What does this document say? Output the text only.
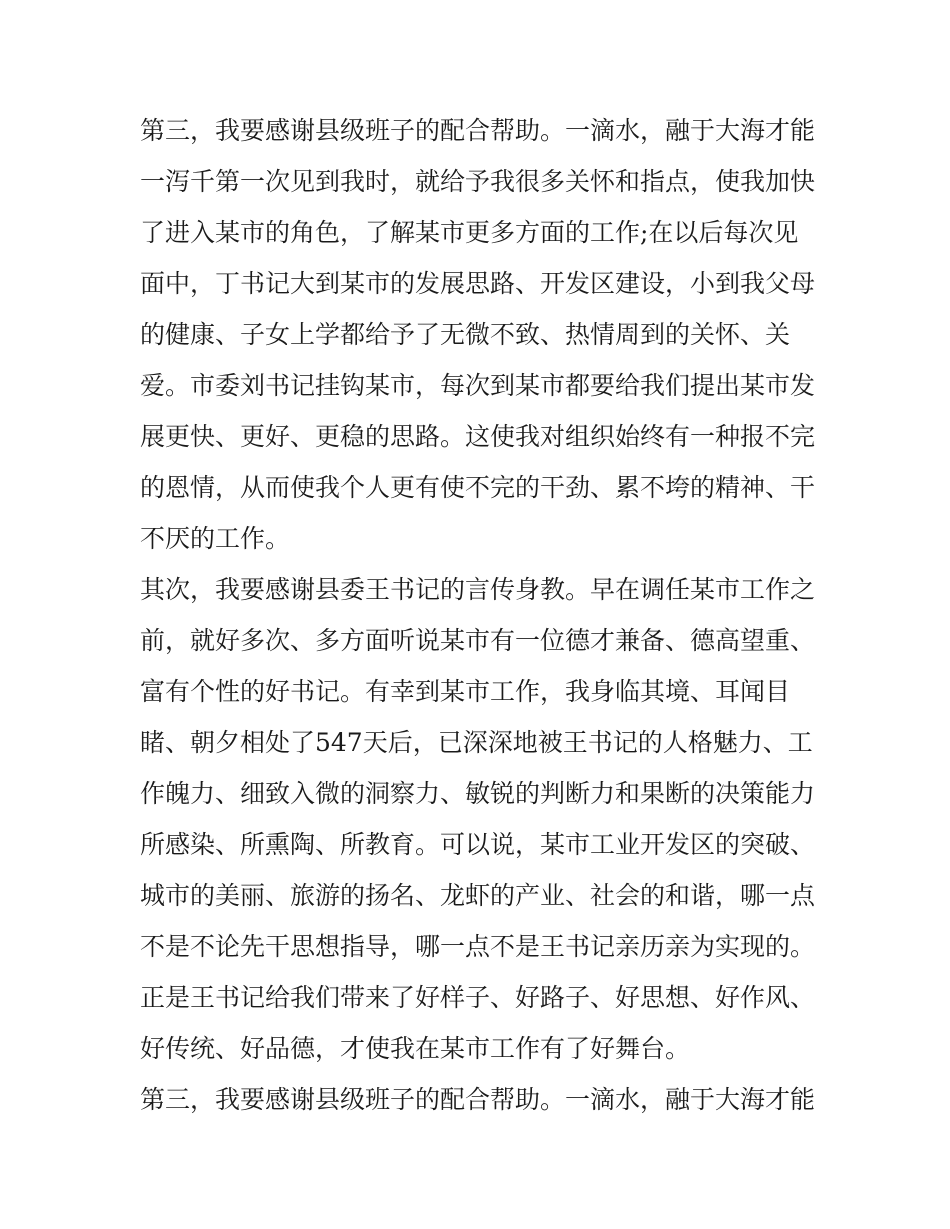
第三，我要感谢县级班子的配合帮助。一滴水，融于大海才能
一泻千第一次见到我时，就给予我很多关怀和指点，使我加快
了进入某市的角色，了解某市更多方面的工作;在以后每次见
面中，丁书记大到某市的发展思路、开发区建设，小到我父母
的健康、子女上学都给予了无微不致、热情周到的关怀、关
爱。市委刘书记挂钩某市，每次到某市都要给我们提出某市发
展更快、更好、更稳的思路。这使我对组织始终有一种报不完
的恩情，从而使我个人更有使不完的干劲、累不垮的精神、干
不厌的工作。
其次，我要感谢县委王书记的言传身教。早在调任某市工作之
前，就好多次、多方面听说某市有一位德才兼备、德高望重、
富有个性的好书记。有幸到某市工作，我身临其境、耳闻目
睹、朝夕相处了547天后，已深深地被王书记的人格魅力、工
作魄力、细致入微的洞察力、敏锐的判断力和果断的决策能力
所感染、所熏陶、所教育。可以说，某市工业开发区的突破、
城市的美丽、旅游的扬名、龙虾的产业、社会的和谐，哪一点
不是不论先干思想指导，哪一点不是王书记亲历亲为实现的。
正是王书记给我们带来了好样子、好路子、好思想、好作风、
好传统、好品德，才使我在某市工作有了好舞台。
第三，我要感谢县级班子的配合帮助。一滴水，融于大海才能
